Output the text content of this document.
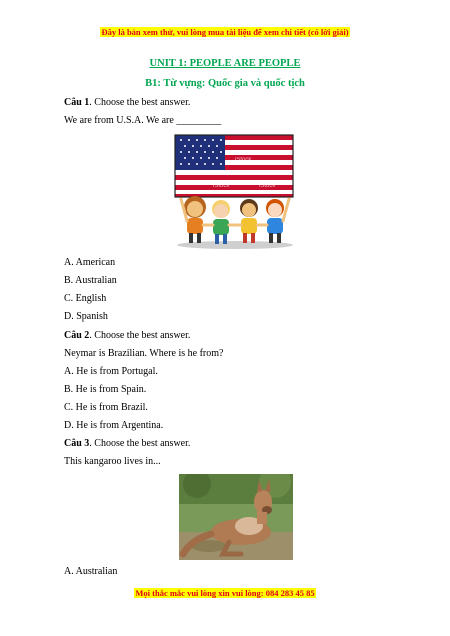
Đây là bản xem thử, vui lòng mua tài liệu để xem chi tiết (có lời giải)
UNIT 1: PEOPLE ARE PEOPLE
B1: Từ vựng: Quốc gia và quốc tịch
Câu 1. Choose the best answer.
We are from U.S.A. We are _________
iStock
iStock	iStock
A. American
B. Australian
C. English
D. Spanish
Câu 2. Choose the best answer.
Neymar is Brazilian. Where is he from?
A. He is from Portugal.
B. He is from Spain.
C. He is from Brazil.
D. He is from Argentina.
Câu 3. Choose the best answer.
This kangaroo lives in...
A. Australian
Mọi thắc mắc vui lòng xin vui lòng: 084 283 45 85
